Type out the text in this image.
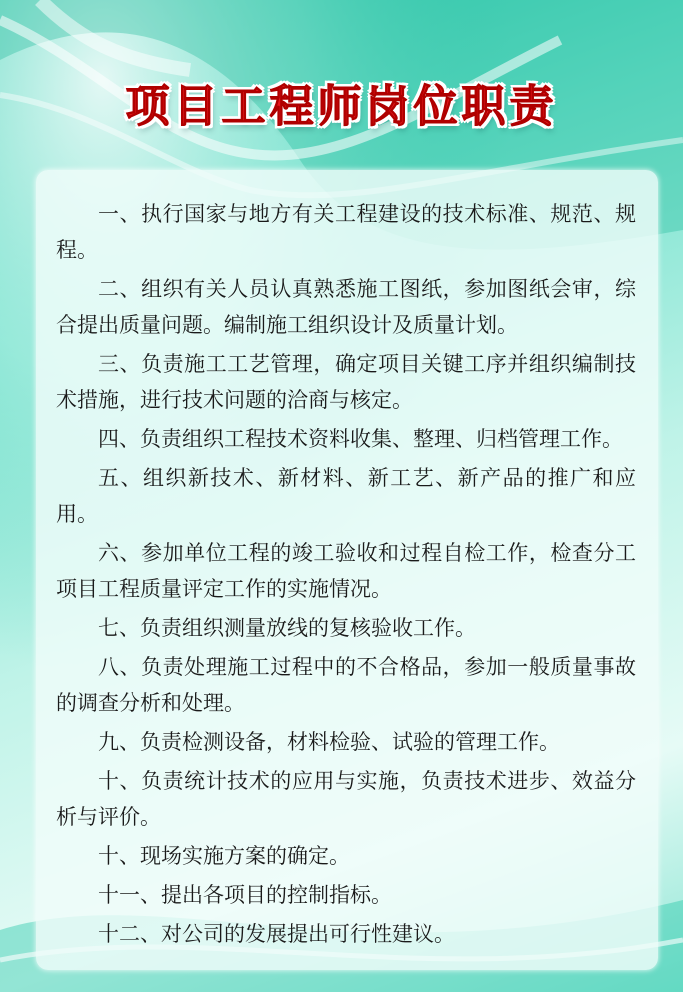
项目工程师岗位职责
一、执行国家与地方有关工程建设的技术标准、规范、规程。
二、组织有关人员认真熟悉施工图纸，参加图纸会审，综合提出质量问题。编制施工组织设计及质量计划。
三、负责施工工艺管理，确定项目关键工序并组织编制技术措施，进行技术问题的洽商与核定。
四、负责组织工程技术资料收集、整理、归档管理工作。
五、组织新技术、新材料、新工艺、新产品的推广和应用。
六、参加单位工程的竣工验收和过程自检工作，检查分工项目工程质量评定工作的实施情况。
七、负责组织测量放线的复核验收工作。
八、负责处理施工过程中的不合格品，参加一般质量事故的调查分析和处理。
九、负责检测设备，材料检验、试验的管理工作。
十、负责统计技术的应用与实施，负责技术进步、效益分析与评价。
十、现场实施方案的确定。
十一、提出各项目的控制指标。
十二、对公司的发展提出可行性建议。
